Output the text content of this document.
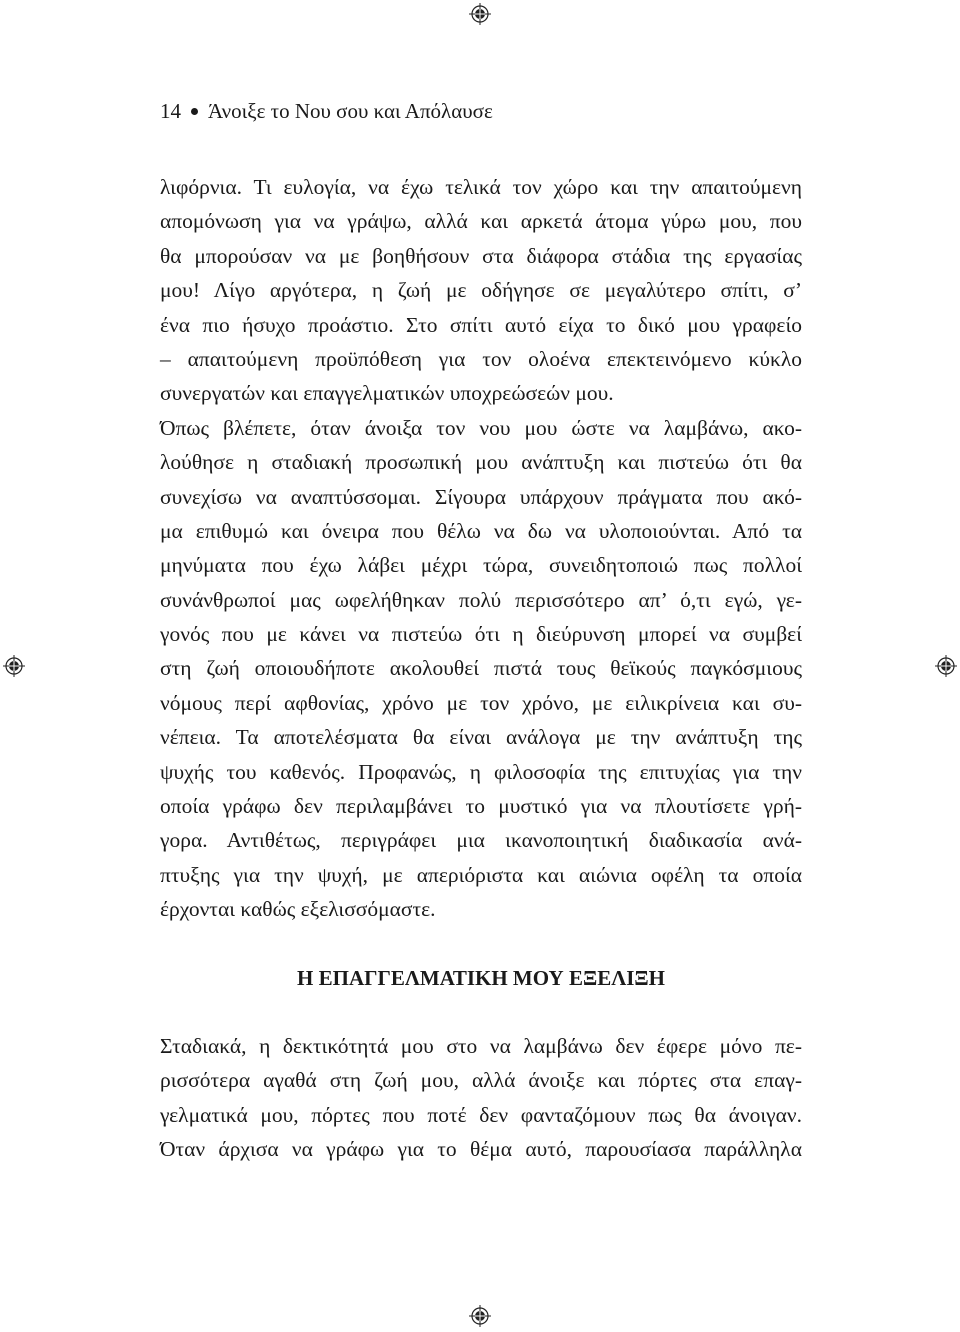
14 Άνοιξε το Νου σου και Απόλαυσε
λιφόρνια. Τι ευλογία, να έχω τελικά τον χώρο και την απαιτούμενη
απομόνωση για να γράψω, αλλά και αρκετά άτομα γύρω μου, που
θα μπορούσαν να με βοηθήσουν στα διάφορα στάδια της εργασίας
μου! Λίγο αργότερα, η ζωή με οδήγησε σε μεγαλύτερο σπίτι, σ’
ένα πιο ήσυχο προάστιο. Στο σπίτι αυτό είχα το δικό μου γραφείο
– απαιτούμενη προϋπόθεση για τον ολοένα επεκτεινόμενο κύκλο
συνεργατών και επαγγελματικών υποχρεώσεών μου.
Όπως βλέπετε, όταν άνοιξα τον νου μου ώστε να λαμβάνω, ακο-
λούθησε η σταδιακή προσωπική μου ανάπτυξη και πιστεύω ότι θα
συνεχίσω να αναπτύσσομαι. Σίγουρα υπάρχουν πράγματα που ακό-
μα επιθυμώ και όνειρα που θέλω να δω να υλοποιούνται. Από τα
μηνύματα που έχω λάβει μέχρι τώρα, συνειδητοποιώ πως πολλοί
συνάνθρωποί μας ωφελήθηκαν πολύ περισσότερο απ’ ό,τι εγώ, γε-
γονός που με κάνει να πιστεύω ότι η διεύρυνση μπορεί να συμβεί
στη ζωή οποιουδήποτε ακολουθεί πιστά τους θεϊκούς παγκόσμιους
νόμους περί αφθονίας, χρόνο με τον χρόνο, με ειλικρίνεια και συ-
νέπεια. Τα αποτελέσματα θα είναι ανάλογα με την ανάπτυξη της
ψυχής του καθενός. Προφανώς, η φιλοσοφία της επιτυχίας για την
οποία γράφω δεν περιλαμβάνει το μυστικό για να πλουτίσετε γρή-
γορα. Αντιθέτως, περιγράφει μια ικανοποιητική διαδικασία ανά-
πτυξης για την ψυχή, με απεριόριστα και αιώνια οφέλη τα οποία
έρχονται καθώς εξελισσόμαστε.
Η ΕΠΑΓΓΕΛΜΑΤΙΚΗ ΜΟΥ ΕΞΕΛΙΞΗ
Σταδιακά, η δεκτικότητά μου στο να λαμβάνω δεν έφερε μόνο πε-
ρισσότερα αγαθά στη ζωή μου, αλλά άνοιξε και πόρτες στα επαγ-
γελματικά μου, πόρτες που ποτέ δεν φανταζόμουν πως θα άνοιγαν.
Όταν άρχισα να γράφω για το θέμα αυτό, παρουσίασα παράλληλα
